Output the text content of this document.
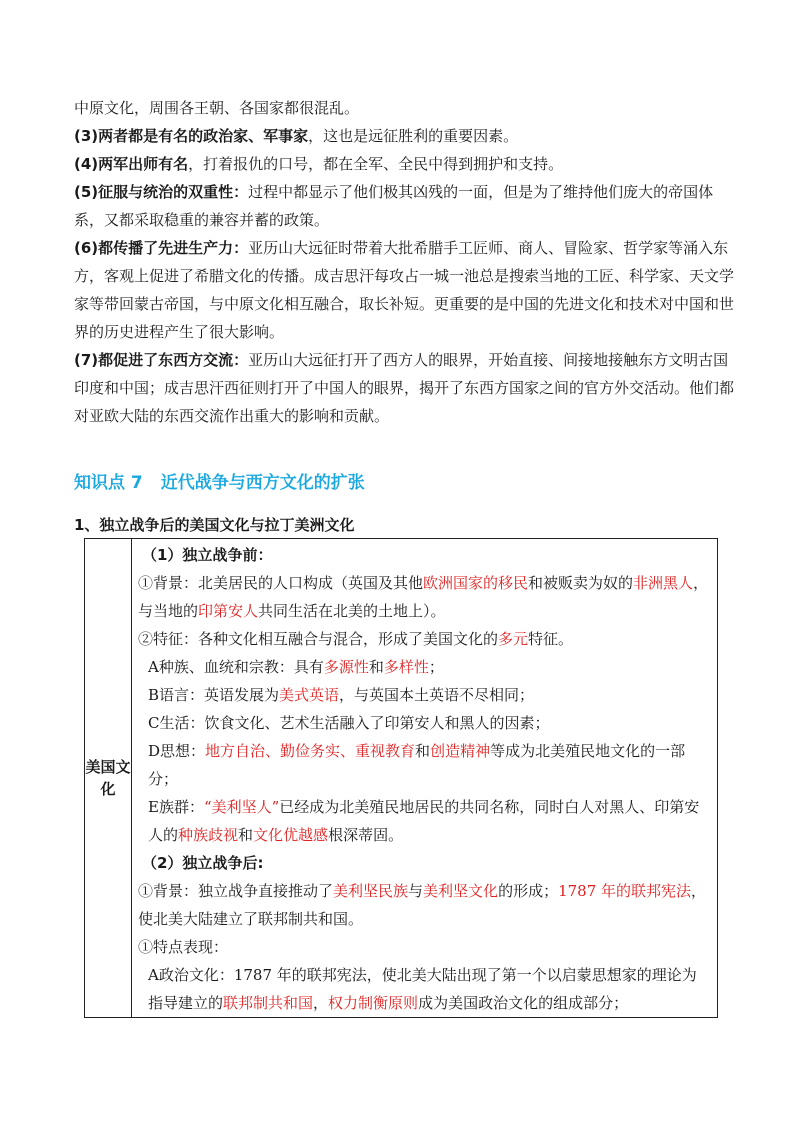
中原文化，周围各王朝、各国家都很混乱。
(3)两者都是有名的政治家、军事家，这也是远征胜利的重要因素。
(4)两军出师有名，打着报仇的口号，都在全军、全民中得到拥护和支持。
(5)征服与统治的双重性：过程中都显示了他们极其凶残的一面，但是为了维持他们庞大的帝国体系，又都采取稳重的兼容并蓄的政策。
(6)都传播了先进生产力：亚历山大远征时带着大批希腊手工匠师、商人、冒险家、哲学家等涌入东方，客观上促进了希腊文化的传播。成吉思汗每攻占一城一池总是搜索当地的工匠、科学家、天文学家等带回蒙古帝国，与中原文化相互融合，取长补短。更重要的是中国的先进文化和技术对中国和世界的历史进程产生了很大影响。
(7)都促进了东西方交流：亚历山大远征打开了西方人的眼界，开始直接、间接地接触东方文明古国印度和中国；成吉思汗西征则打开了中国人的眼界，揭开了东西方国家之间的官方外交活动。他们都对亚欧大陆的东西交流作出重大的影响和贡献。
知识点 7 近代战争与西方文化的扩张
1、独立战争后的美国文化与拉丁美洲文化
美国文化	
（1）独立战争前：
①背景：北美居民的人口构成（英国及其他欧洲国家的移民和被贩卖为奴的非洲黑人，与当地的印第安人共同生活在北美的土地上）。
②特征：各种文化相互融合与混合，形成了美国文化的多元特征。
A种族、血统和宗教：具有多源性和多样性；
B语言：英语发展为美式英语，与英国本土英语不尽相同；
C生活：饮食文化、艺术生活融入了印第安人和黑人的因素；
D思想：地方自治、勤俭务实、重视教育和创造精神等成为北美殖民地文化的一部分；
E族群：“美利坚人”已经成为北美殖民地居民的共同名称，同时白人对黑人、印第安人的种族歧视和文化优越感根深蒂固。
（2）独立战争后:
①背景：独立战争直接推动了美利坚民族与美利坚文化的形成；1787 年的联邦宪法，使北美大陆建立了联邦制共和国。
①特点表现：
A政治文化：1787 年的联邦宪法，使北美大陆出现了第一个以启蒙思想家的理论为指导建立的联邦制共和国，权力制衡原则成为美国政治文化的组成部分；
